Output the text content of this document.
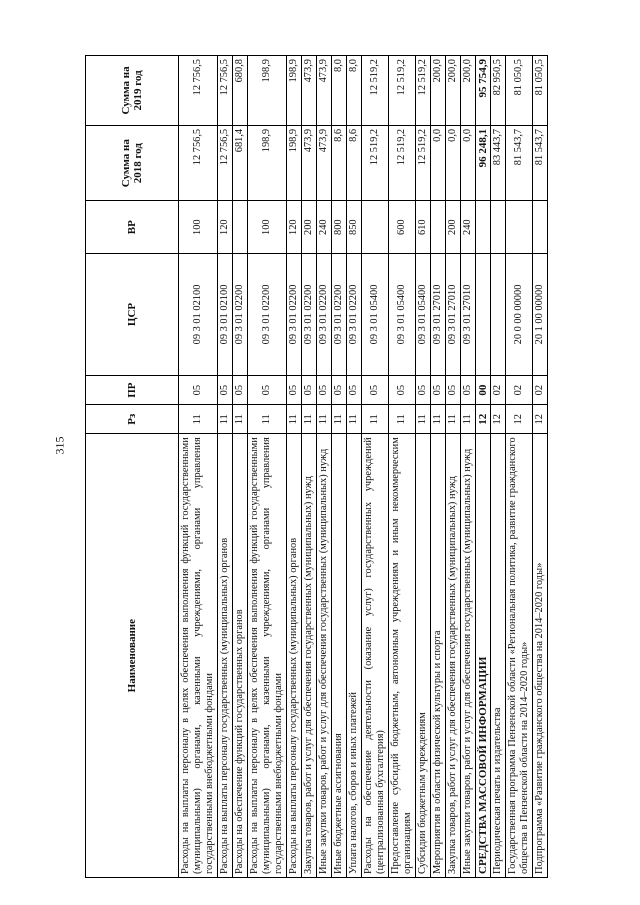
315
Наименование	Рз	ПР	ЦСР	ВР	Сумма на 2018 год	Сумма на 2019 год
Расходы на выплаты персоналу в целях обеспечения выполнения функций государственными (муниципальными) органами, казенными учреждениями, органами управления государственными внебюджетными фондами	11	05	09 3 01 02100	100	12 756,5	12 756,5
Расходы на выплаты персоналу государственных (муниципальных) органов	11	05	09 3 01 02100	120	12 756,5	12 756,5
Расходы на обеспечение функций государственных органов	11	05	09 3 01 02200		681,4	680,8
Расходы на выплаты персоналу в целях обеспечения выполнения функций государственными (муниципальными) органами, казенными учреждениями, органами управления государственными внебюджетными фондами	11	05	09 3 01 02200	100	198,9	198,9
Расходы на выплаты персоналу государственных (муниципальных) органов	11	05	09 3 01 02200	120	198,9	198,9
Закупка товаров, работ и услуг для обеспечения государственных (муниципальных) нужд	11	05	09 3 01 02200	200	473,9	473,9
Иные закупки товаров, работ и услуг для обеспечения государственных (муниципальных) нужд	11	05	09 3 01 02200	240	473,9	473,9
Иные бюджетные ассигнования	11	05	09 3 01 02200	800	8,6	8,0
Уплата налогов, сборов и иных платежей	11	05	09 3 01 02200	850	8,6	8,0
Расходы на обеспечение деятельности (оказание услуг) государственных учреждений (централизованная бухгалтерия)	11	05	09 3 01 05400		12 519,2	12 519,2
Предоставление субсидий бюджетным, автономным учреждениям и иным некоммерческим организациям	11	05	09 3 01 05400	600	12 519,2	12 519,2
Субсидии бюджетным учреждениям	11	05	09 3 01 05400	610	12 519,2	12 519,2
Мероприятия в области физической культуры и спорта	11	05	09 3 01 27010		0,0	200,0
Закупка товаров, работ и услуг для обеспечения государственных (муниципальных) нужд	11	05	09 3 01 27010	200	0,0	200,0
Иные закупки товаров, работ и услуг для обеспечения государственных (муниципальных) нужд	11	05	09 3 01 27010	240	0,0	200,0
СРЕДСТВА МАССОВОЙ ИНФОРМАЦИИ	12	00			96 248,1	95 754,9
Периодическая печать и издательства	12	02			83 443,7	82 950,5
Государственная программа Пензенской области «Региональная политика, развитие гражданского общества в Пензенской области на 2014–2020 годы»	12	02	20 0 00 00000		81 543,7	81 050,5
Подпрограмма «Развитие гражданского общества на 2014–2020 годы»	12	02	20 1 00 00000		81 543,7	81 050,5
